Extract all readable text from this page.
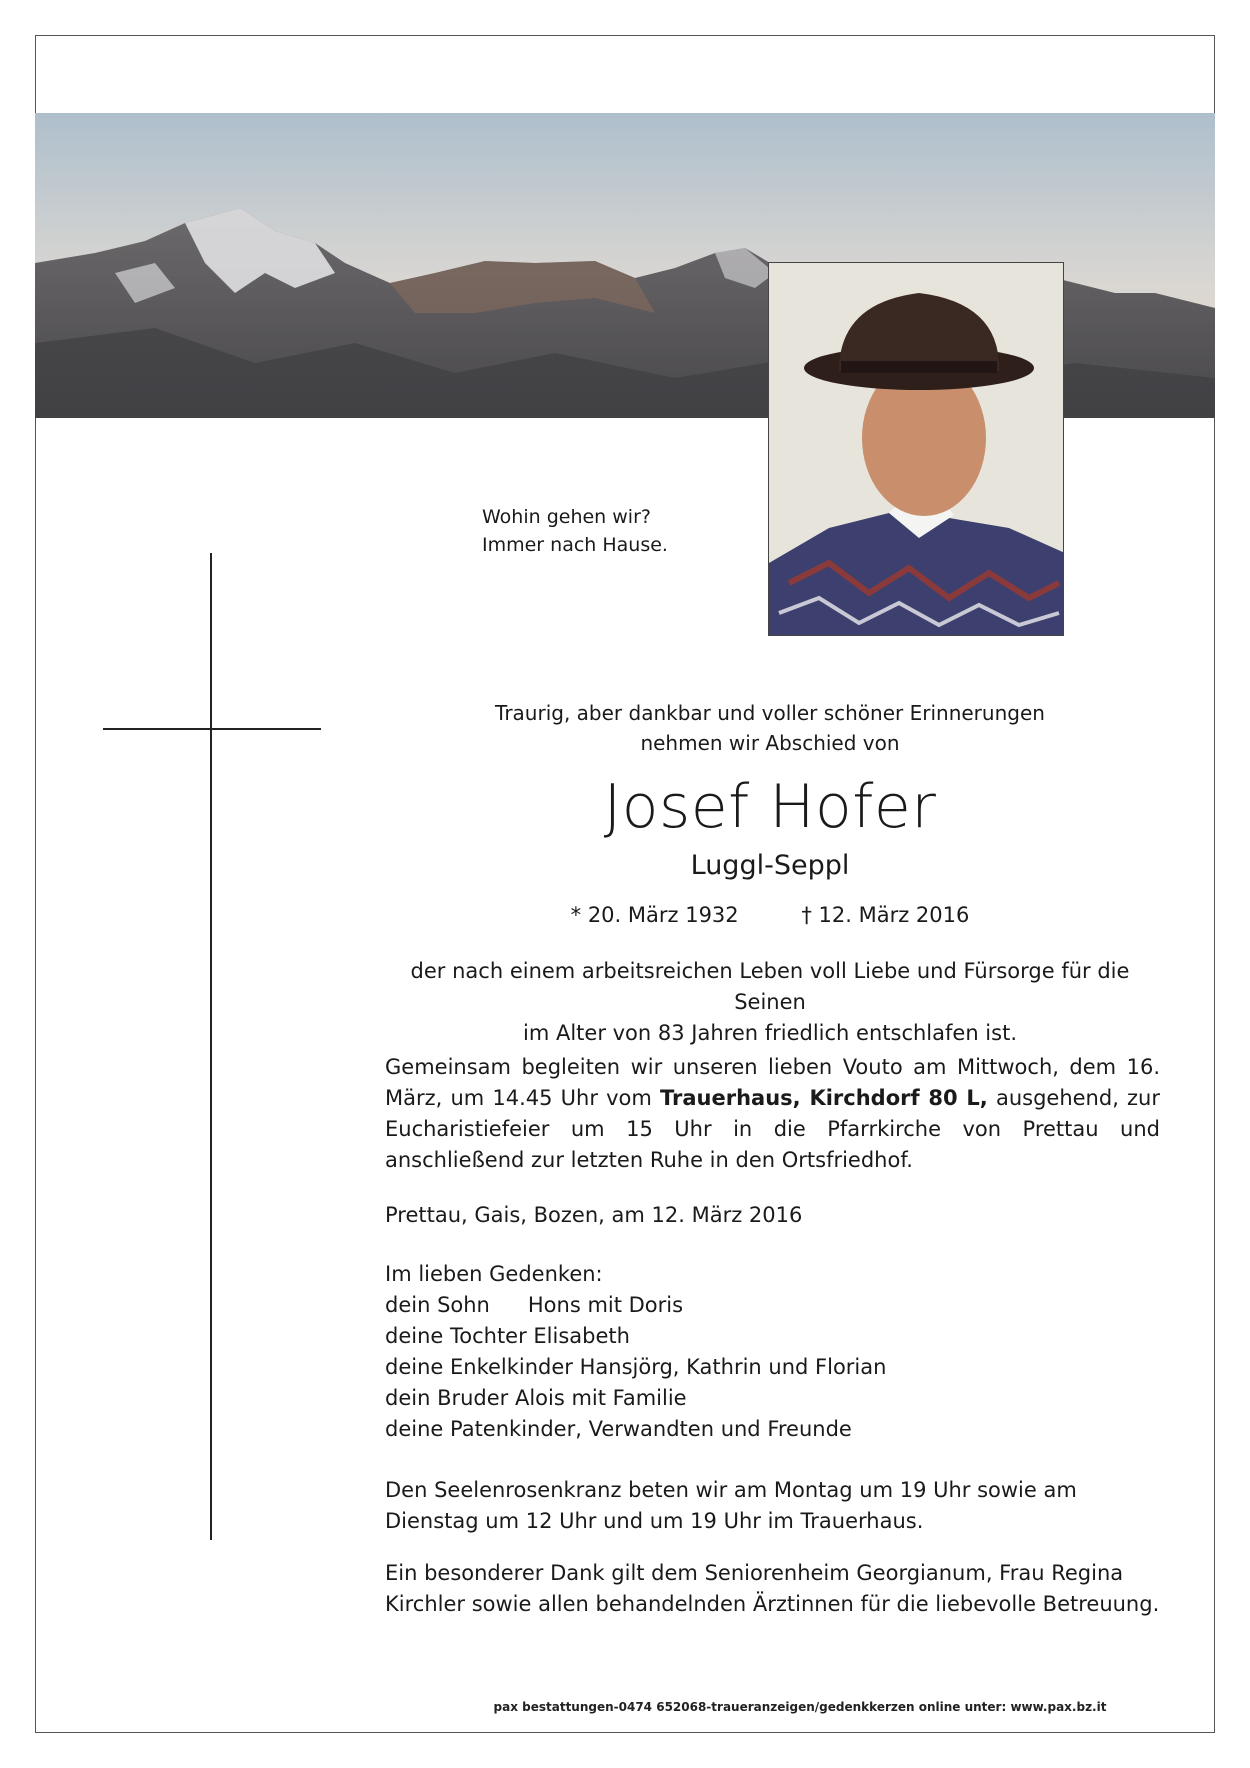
Wohin gehen wir?
Immer nach Hause.
Traurig, aber dankbar und voller schöner Erinnerungen
nehmen wir Abschied von
Josef Hofer
Luggl-Seppl
* 20. März 1932	† 12. März 2016
der nach einem arbeitsreichen Leben voll Liebe und Fürsorge für die Seinen
im Alter von 83 Jahren friedlich entschlafen ist.
Gemeinsam begleiten wir unseren lieben Vouto am Mittwoch, dem 16. März, um 14.45 Uhr vom Trauerhaus, Kirchdorf 80 L, ausgehend, zur Eucharistiefeier um 15 Uhr in die Pfarrkirche von Prettau und anschließend zur letzten Ruhe in den Ortsfriedhof.
Prettau, Gais, Bozen, am 12. März 2016
Im lieben Gedenken:
dein Sohn Hons mit Doris
deine Tochter Elisabeth
deine Enkelkinder Hansjörg, Kathrin und Florian
dein Bruder Alois mit Familie
deine Patenkinder, Verwandten und Freunde
Den Seelenrosenkranz beten wir am Montag um 19 Uhr sowie am Dienstag um 12 Uhr und um 19 Uhr im Trauerhaus.
Ein besonderer Dank gilt dem Seniorenheim Georgianum, Frau Regina Kirchler sowie allen behandelnden Ärztinnen für die liebevolle Betreuung.
pax bestattungen-0474 652068-traueranzeigen/gedenkkerzen online unter: www.pax.bz.it
